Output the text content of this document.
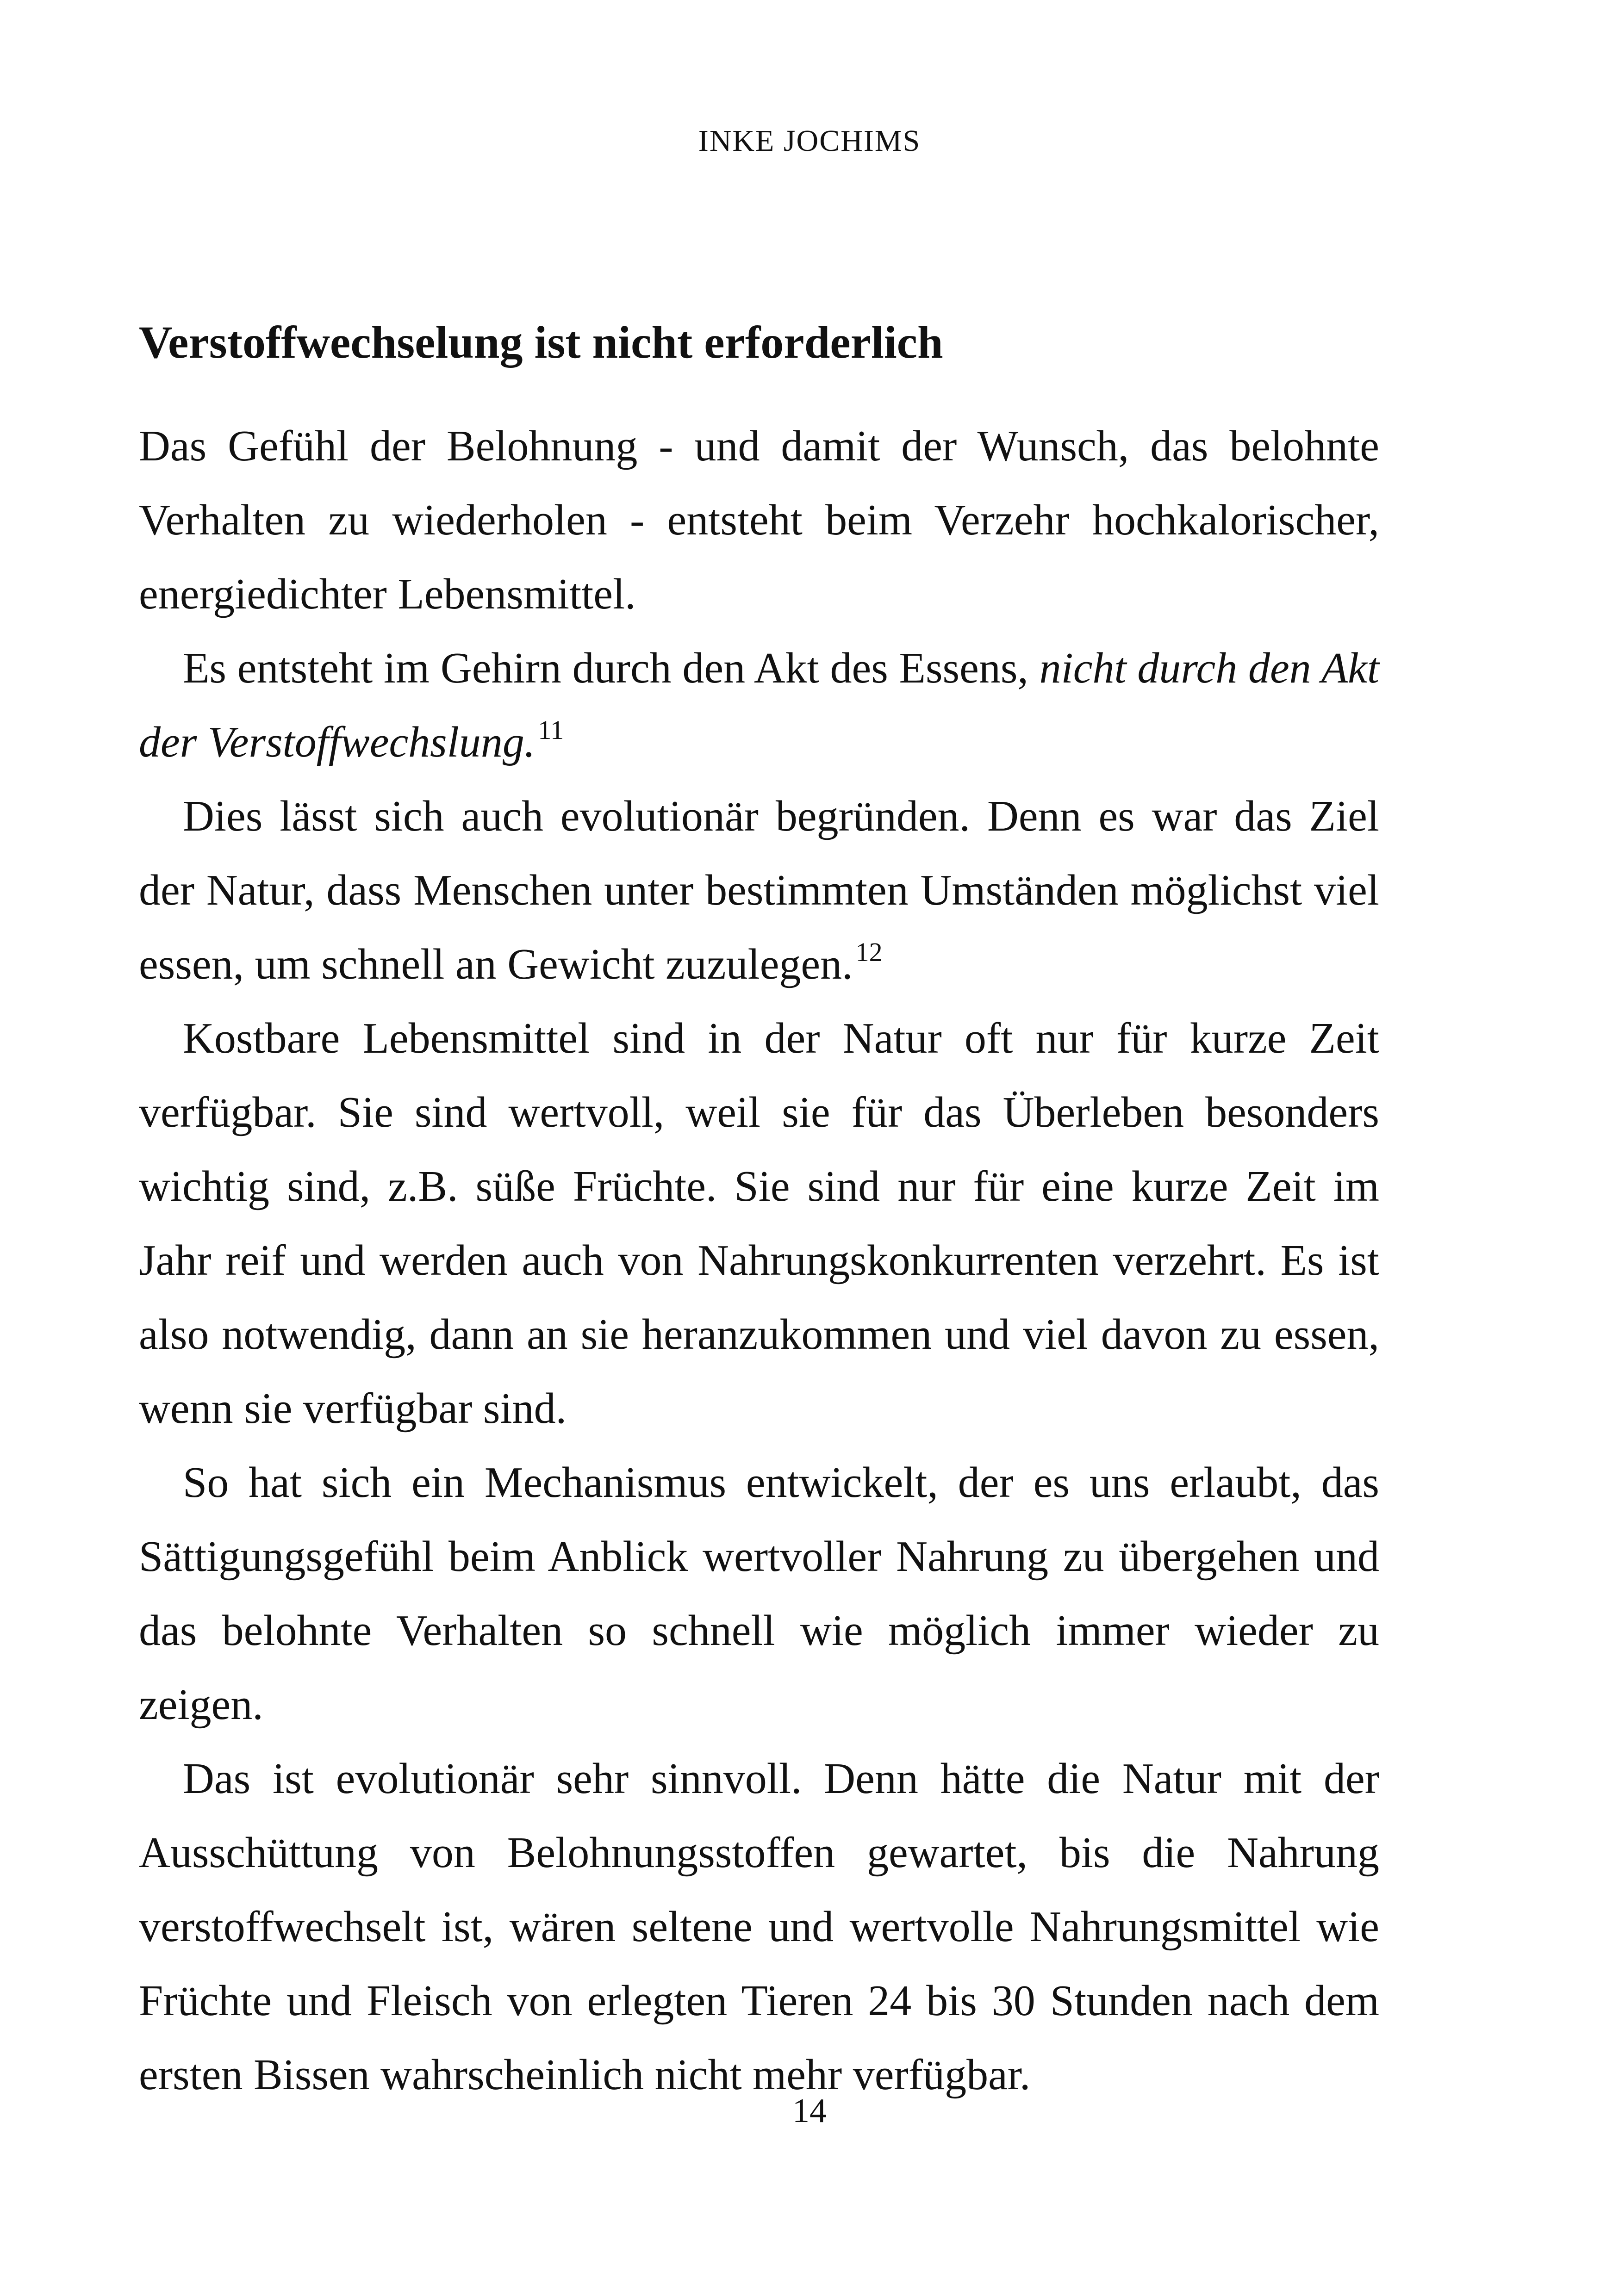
INKE JOCHIMS
Verstoffwechselung ist nicht erforderlich

Das Gefühl der Belohnung - und damit der Wunsch, das belohnte Verhalten zu wiederholen - entsteht beim Verzehr hochkalorischer, energiedichter Lebensmittel.

Es entsteht im Gehirn durch den Akt des Essens, nicht durch den Akt der Verstoffwechslung. $^{11}$

Dies lässt sich auch evolutionär begründen. Denn es war das Ziel der Natur, dass Menschen unter bestimmten Umständen möglichst viel essen, um schnell an Gewicht zuzulegen. $^{12}$

Kostbare Lebensmittel sind in der Natur oft nur für kurze Zeit verfügbar. Sie sind wertvoll, weil sie für das Überleben besonders wichtig sind, z.B. süße Früchte. Sie sind nur für eine kurze Zeit im Jahr reif und werden auch von Nahrungskonkurrenten verzehrt. Es ist also notwendig, dann an sie heranzukommen und viel davon zu essen, wenn sie verfügbar sind.

So hat sich ein Mechanismus entwickelt, der es uns erlaubt, das Sättigungsgefühl beim Anblick wertvoller Nahrung zu übergehen und das belohnte Verhalten so schnell wie möglich immer wieder zu zeigen.

Das ist evolutionär sehr sinnvoll. Denn hätte die Natur mit der Ausschüttung von Belohnungsstoffen gewartet, bis die Nahrung verstoffwechselt ist, wären seltene und wertvolle Nahrungsmittel wie Früchte und Fleisch von erlegten Tieren 24 bis 30 Stunden nach dem ersten Bissen wahrscheinlich nicht mehr verfügbar.

14
